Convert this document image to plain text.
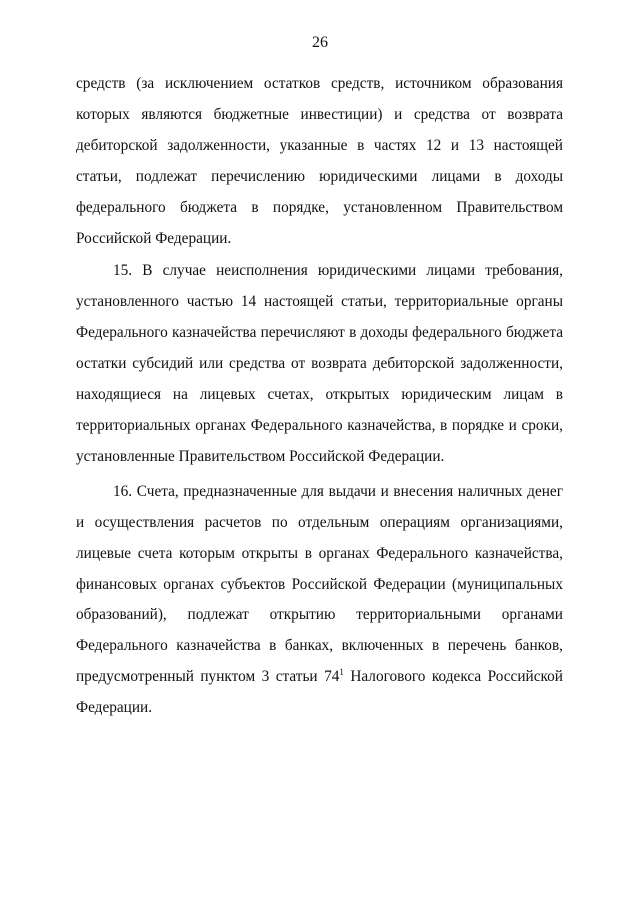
26

средств (за исключением остатков средств, источником образования которых являются бюджетные инвестиции) и средства от возврата дебиторской задолженности, указанные в частях 12 и 13 настоящей статьи, подлежат перечислению юридическими лицами в доходы федерального бюджета в порядке, установленном Правительством Российской Федерации.

15. В случае неисполнения юридическими лицами требования, установленного частью 14 настоящей статьи, территориальные органы Федерального казначейства перечисляют в доходы федерального бюджета остатки субсидий или средства от возврата дебиторской задолженности, находящиеся на лицевых счетах, открытых юридическим лицам в территориальных органах Федерального казначейства, в порядке и сроки, установленные Правительством Российской Федерации.

16. Счета, предназначенные для выдачи и внесения наличных денег и осуществления расчетов по отдельным операциям организациями, лицевые счета которым открыты в органах Федерального казначейства, финансовых органах субъектов Российской Федерации (муниципальных образований), подлежат открытию территориальными органами Федерального казначейства в банках, включенных в перечень банков, предусмотренный пунктом 3 статьи $74^1$ Налогового кодекса Российской Федерации.
